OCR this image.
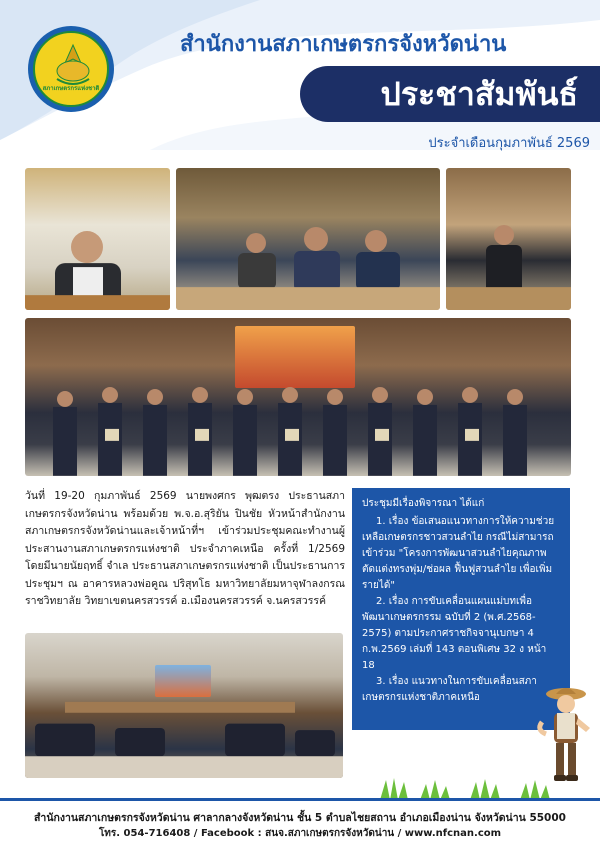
สภาเกษตรกรแห่งชาติ
สำนักงานสภาเกษตรกรจังหวัดน่าน
ประชาสัมพันธ์
ประจำเดือนกุมภาพันธ์ 2569
วันที่ 19-20 กุมภาพันธ์ 2569 นายพงศกร พุฒตรง ประธานสภาเกษตรกรจังหวัดน่าน พร้อมด้วย พ.จ.อ.สุริยัน ปินชัย หัวหน้าสำนักงานสภาเกษตรกรจังหวัดน่านและเจ้าหน้าที่ฯ เข้าร่วมประชุมคณะทำงานผู้ประสานงานสภาเกษตรกรแห่งชาติ ประจำภาคเหนือ ครั้งที่ 1/2569 โดยมีนายนัยฤทธิ์ จำเล ประธานสภาเกษตรกรแห่งชาติ เป็นประธานการประชุมฯ ณ อาคารหลวงพ่อคูณ ปริสุทโธ มหาวิทยาลัยมหาจุฬาลงกรณราชวิทยาลัย วิทยาเขตนครสวรรค์ อ.เมืองนครสวรรค์ จ.นครสวรรค์
ประชุมมีเรื่องพิจารณา ได้แก่
1. เรื่อง ข้อเสนอแนวทางการให้ความช่วยเหลือเกษตรกรชาวสวนลำไย กรณีไม่สามารถเข้าร่วม "โครงการพัฒนาสวนลำไยคุณภาพ ตัดแต่งทรงพุ่ม/ช่อผล ฟื้นฟูสวนลำไย เพื่อเพิ่มรายได้"
2. เรื่อง การขับเคลื่อนแผนแม่บทเพื่อพัฒนาเกษตรกรรม ฉบับที่ 2 (พ.ศ.2568-2575) ตามประกาศราชกิจจานุเบกษา 4 ก.พ.2569 เล่มที่ 143 ตอนพิเศษ 32 ง หน้า 18
3. เรื่อง แนวทางในการขับเคลื่อนสภาเกษตรกรแห่งชาติภาคเหนือ
สำนักงานสภาเกษตรกรจังหวัดน่าน ศาลากลางจังหวัดน่าน ชั้น 5 ตำบลไชยสถาน อำเภอเมืองน่าน จังหวัดน่าน 55000
โทร. 054-716408 / Facebook : สนจ.สภาเกษตรกรจังหวัดน่าน / www.nfcnan.com
